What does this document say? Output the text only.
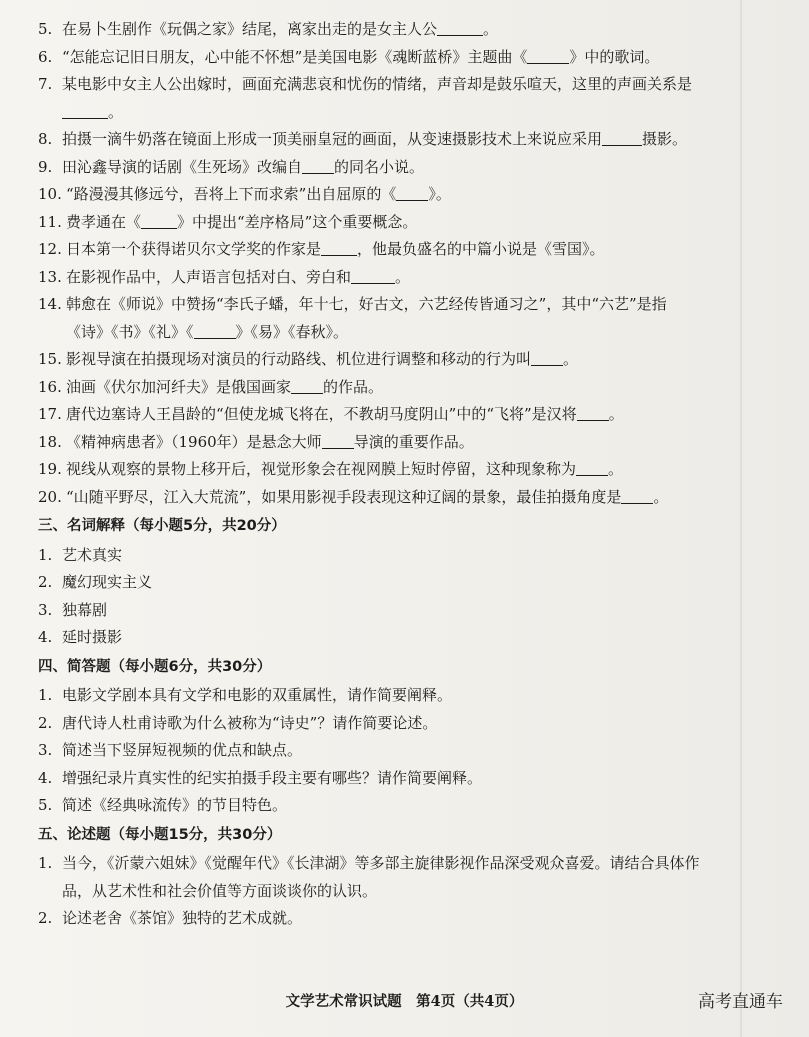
5. 在易卜生剧作《玩偶之家》结尾，离家出走的是女主人公	。
6. “怎能忘记旧日朋友，心中能不怀想”是美国电影《魂断蓝桥》主题曲《	》中的歌词。
7. 某电影中女主人公出嫁时，画面充满悲哀和忧伤的情绪，声音却是鼓乐喧天，这里的声画关系是。
8. 拍摄一滴牛奶落在镜面上形成一顶美丽皇冠的画面，从变速摄影技术上来说应采用	摄影。
9. 田沁鑫导演的话剧《生死场》改编自 的同名小说。
10. “路漫漫其修远兮，吾将上下而求索”出自屈原的《 》。
11. 费孝通在《 》中提出“差序格局”这个重要概念。
12. 日本第一个获得诺贝尔文学奖的作家是 ，他最负盛名的中篇小说是《雪国》。
13. 在影视作品中，人声语言包括对白、旁白和	。
14. 韩愈在《师说》中赞扬“李氏子蟠，年十七，好古文，六艺经传皆通习之”，其中“六艺”是指《诗》《书》《礼》《	》《易》《春秋》。
15. 影视导演在拍摄现场对演员的行动路线、机位进行调整和移动的行为叫 。
16. 油画《伏尔加河纤夫》是俄国画家 的作品。
17. 唐代边塞诗人王昌龄的“但使龙城飞将在，不教胡马度阴山”中的“飞将”是汉将 。
18. 《精神病患者》（1960年）是悬念大师 导演的重要作品。
19. 视线从观察的景物上移开后，视觉形象会在视网膜上短时停留，这种现象称为 。
20. “山随平野尽，江入大荒流”，如果用影视手段表现这种辽阔的景象，最佳拍摄角度是 。
三、名词解释（每小题5分，共20分）
1. 艺术真实
2. 魔幻现实主义
3. 独幕剧
4. 延时摄影
四、简答题（每小题6分，共30分）
1. 电影文学剧本具有文学和电影的双重属性，请作简要阐释。
2. 唐代诗人杜甫诗歌为什么被称为“诗史”？请作简要论述。
3. 简述当下竖屏短视频的优点和缺点。
4. 增强纪录片真实性的纪实拍摄手段主要有哪些？请作简要阐释。
5. 简述《经典咏流传》的节目特色。
五、论述题（每小题15分，共30分）
1. 当今，《沂蒙六姐妹》《觉醒年代》《长津湖》等多部主旋律影视作品深受观众喜爱。请结合具体作品，从艺术性和社会价值等方面谈谈你的认识。
2. 论述老舍《茶馆》独特的艺术成就。
文学艺术常识试题　第4页（共4页）	高考直通车
